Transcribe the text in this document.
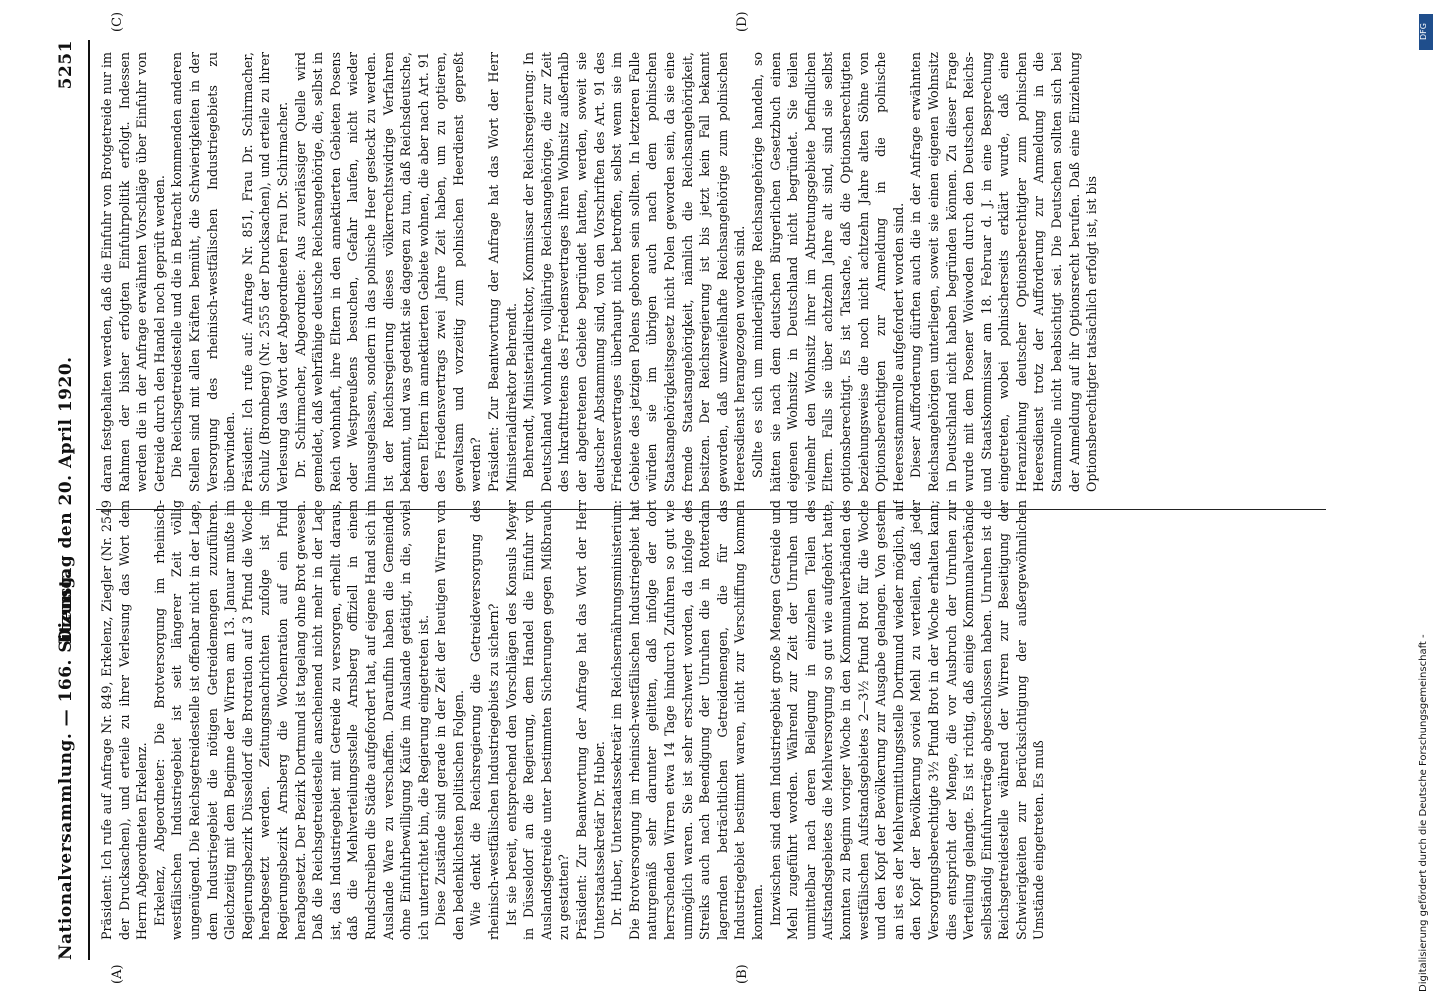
Nationalversammlung. — 166. Sitzung.
Dienstag den 20. April 1920.
5251
(A)	(B)
(C)	(D)

Präsident: Ich rufe auf Anfrage Nr. 849, Erkelenz, Ziegler (Nr. 2549 der Drucksachen), und erteile zu ihrer Verlesung das Wort dem Herrn Abgeordneten Erkelenz. Erkelenz, Abgeordneter: Die Brotversorgung im rheinisch-westfälischen Industriegebiet ist seit längerer Zeit völlig ungenügend. Die Reichsgetreidestelle ist offenbar nicht in der Lage, dem Industriegebiet die nötigen Getreidemengen zuzuführen. Gleichzeitig mit dem Beginne der Wirren am 13. Januar mußte im Regierungsbezirk Düsseldorf die Brotration auf 3 Pfund die Woche herabgesetzt werden. Zeitungsnachrichten zufolge ist im Regierungsbezirk Arnsberg die Wochenration auf ein Pfund herabgesetzt. Der Bezirk Dortmund ist tagelang ohne Brot gewesen. Daß die Reichsgetreidestelle anscheinend nicht mehr in der Lage ist, das Industriegebiet mit Getreide zu versorgen, erhellt daraus, daß die Mehlverteilungsstelle Arnsberg offiziell in einem Rundschreiben die Städte aufgefordert hat, auf eigene Hand sich im Auslande Ware zu verschaffen. Daraufhin haben die Gemeinden ohne Einfuhrbewilligung Käufe im Auslande getätigt, in die, soviel ich unterrichtet bin, die Regierung eingetreten ist. Diese Zustände sind gerade in der Zeit der heutigen Wirren von den bedenklichsten politischen Folgen. Wie denkt die Reichsregierung die Getreideversorgung des rheinisch-westfälischen Industriegebiets zu sichern? Ist sie bereit, entsprechend den Vorschlägen des Konsuls Meyer in Düsseldorf an die Regierung, dem Handel die Einfuhr von Auslandsgetreide unter bestimmten Sicherungen gegen Mißbrauch zu gestatten? Präsident: Zur Beantwortung der Anfrage hat das Wort der Herr Unterstaatssekretär Dr. Huber. Dr. Huber, Unterstaatssekretär im Reichsernährungsministerium: Die Brotversorgung im rheinisch-westfälischen Industriegebiet hat naturgemäß sehr darunter gelitten, daß infolge der dort herrschenden Wirren etwa 14 Tage hindurch Zufuhren so gut wie unmöglich waren. Sie ist sehr erschwert worden, da infolge des Streiks auch nach Beendigung der Unruhen die in Rotterdam lagernden beträchtlichen Getreidemengen, die für das Industriegebiet bestimmt waren, nicht zur Verschiffung kommen konnten. Inzwischen sind dem Industriegebiet große Mengen Getreide und Mehl zugeführt worden. Während zur Zeit der Unruhen und unmittelbar nach deren Beilegung in einzelnen Teilen des Aufstandsgebietes die Mehlversorgung so gut wie aufgehört hatte, konnten zu Beginn voriger Woche in den Kommunalverbänden des westfälischen Aufstandsgebietes 2—3½ Pfund Brot für die Woche und den Kopf der Bevölkerung zur Ausgabe gelangen. Von gestern an ist es der Mehlvermittlungsstelle Dortmund wieder möglich, auf den Kopf der Bevölkerung soviel Mehl zu verteilen, daß jeder Versorgungsberechtigte 3½ Pfund Brot in der Woche erhalten kann; dies entspricht der Menge, die vor Ausbruch der Unruhen zur Verteilung gelangte. Es ist richtig, daß einige Kommunalverbände selbständig Einfuhrverträge abgeschlossen haben. Unruhen ist die Reichsgetreidestelle während der Wirren zur Beseitigung der Schwierigkeiten zur Berücksichtigung der außergewöhnlichen Umstände eingetreten. Es muß

daran festgehalten werden, daß die Einfuhr von Brotgetreide nur im Rahmen der bisher erfolgten Einfuhrpolitik erfolgt. Indessen werden die in der Anfrage erwähnten Vorschläge über Einfuhr von Getreide durch den Handel noch geprüft werden. Die Reichsgetreidestelle und die in Betracht kommenden anderen Stellen sind mit allen Kräften bemüht, die Schwierigkeiten in der Versorgung des rheinisch-westfälischen Industriegebiets zu überwinden. Präsident: Ich rufe auf: Anfrage Nr. 851, Frau Dr. Schirmacher, Schulz (Bromberg) (Nr. 2555 der Drucksachen), und erteile zu ihrer Verlesung das Wort der Abgeordneten Frau Dr. Schirmacher. Dr. Schirmacher, Abgeordnete: Aus zuverlässiger Quelle wird gemeldet, daß wehrfähige deutsche Reichsangehörige, die, selbst in Reich wohnhaft, ihre Eltern in den annektierten Gebieten Posens oder Westpreußens besuchen, Gefahr laufen, nicht wieder hinausgelassen, sondern in das polnische Heer gesteckt zu werden. Ist der Reichsregierung dieses völkerrechtswidrige Verfahren bekannt, und was gedenkt sie dagegen zu tun, daß Reichsdeutsche, deren Eltern im annektierten Gebiete wohnen, die aber nach Art. 91 des Friedensvertrags zwei Jahre Zeit haben, um zu optieren, gewaltsam und vorzeitig zum polnischen Heerdienst gepreßt werden? Präsident: Zur Beantwortung der Anfrage hat das Wort der Herr Ministerialdirektor Behrendt. Behrendt, Ministerialdirektor, Kommissar der Reichsregierung: In Deutschland wohnhafte volljährige Reichsangehörige, die zur Zeit des Inkrafttretens des Friedensvertrages ihren Wohnsitz außerhalb der abgetretenen Gebiete begründet hatten, werden, soweit sie deutscher Abstammung sind, von den Vorschriften des Art. 91 des Friedensvertrages überhaupt nicht betroffen, selbst wenn sie im Gebiete des jetzigen Polens geboren sein sollten. In letzteren Falle würden sie im übrigen auch nach dem polnischen Staatsangehörigkeitsgesetz nicht Polen geworden sein, da sie eine fremde Staatsangehörigkeit, nämlich die Reichsangehörigkeit, besitzen. Der Reichsregierung ist bis jetzt kein Fall bekannt geworden, daß unzweifelhafte Reichsangehörige zum polnischen Heeresdienst herangezogen worden sind. Sollte es sich um minderjährige Reichsangehörige handeln, so hätten sie nach dem deutschen Bürgerlichen Gesetzbuch einen eigenen Wohnsitz in Deutschland nicht begründet. Sie teilen vielmehr den Wohnsitz ihrer im Abtretungsgebiete befindlichen Eltern. Falls sie über achtzehn Jahre alt sind, sind sie selbst optionsberechtigt. Es ist Tatsache, daß die Optionsberechtigten beziehungsweise die noch nicht achtzehn Jahre alten Söhne von Optionsberechtigten zur Anmeldung in die polnische Heeresstammrolle aufgefordert worden sind. Dieser Aufforderung dürften auch die in der Anfrage erwähnten Reichsangehörigen unterliegen, soweit sie einen eigenen Wohnsitz in Deutschland nicht haben begründen können. Zu dieser Frage wurde mit dem Posener Woiwoden durch den Deutschen Reichs- und Staatskommissar am 18. Februar d. J. in eine Besprechung eingetreten, wobei polnischerseits erklärt wurde, daß eine Heranziehung deutscher Optionsberechtigter zum polnischen Heeresdienst trotz der Aufforderung zur Anmeldung in die Stammrolle nicht beabsichtigt sei. Die Deutschen sollten sich bei der Anmeldung auf ihr Optionsrecht berufen. Daß eine Einziehung Optionsberechtigter tatsächlich erfolgt ist, ist bis

Digitalisierung gefördert durch die Deutsche Forschungsgemeinschaft -
DFG
